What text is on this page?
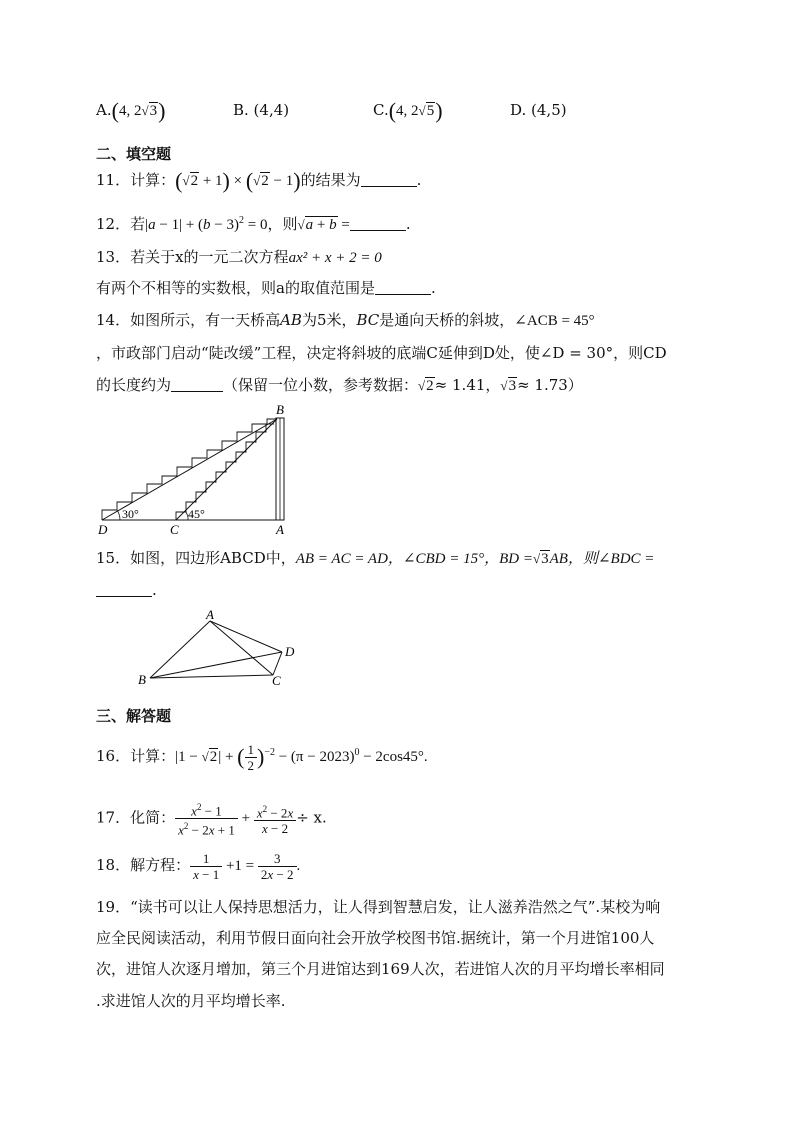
A.(4, 2√3)	B. (4,4)	C.(4, 2√5)	D. (4,5)
二、填空题
11．计算：(√2 + 1) × (√2 − 1)的结果为	.
12．若$|a - 1| + (b - 3)^2 = 0$，则√a + b =	.
13．若关于x的一元二次方程ax² + x + 2 = 0
有两个不相等的实数根，则a的取值范围是	.
14．如图所示，有一天桥高AB为5米，BC是通向天桥的斜坡，∠ACB = 45°
，市政部门启动“陡改缓”工程，决定将斜坡的底端C延伸到D处，使∠D = 30°，则CD
的长度约为	（保留一位小数，参考数据：√2≈ 1.41，√3≈ 1.73）
B
D	C	A
30°	45°
15．如图，四边形ABCD中，AB = AC = AD，∠CBD = 15°，BD =√3AB，则∠BDC =
.
A
B	C
D
三、解答题
16．计算：|1 − √2| + ( $\frac{1}{2} )^{-2} - (\pi - 2023)^0 - 2\cos 45^\circ$.
17．化简： $\frac{x^2 - 1}{x^2 - 2x + 1} + \frac{x^2 - 2x}{x - 2} \div x$.
18．解方程： $\frac{1}{x - 1} +1 = \frac{3}{2x - 2}$ .
19．“读书可以让人保持思想活力，让人得到智慧启发，让人滋养浩然之气”.某校为响
应全民阅读活动，利用节假日面向社会开放学校图书馆.据统计，第一个月进馆100人
次，进馆人次逐月增加，第三个月进馆达到169人次，若进馆人次的月平均增长率相同
.求进馆人次的月平均增长率.
